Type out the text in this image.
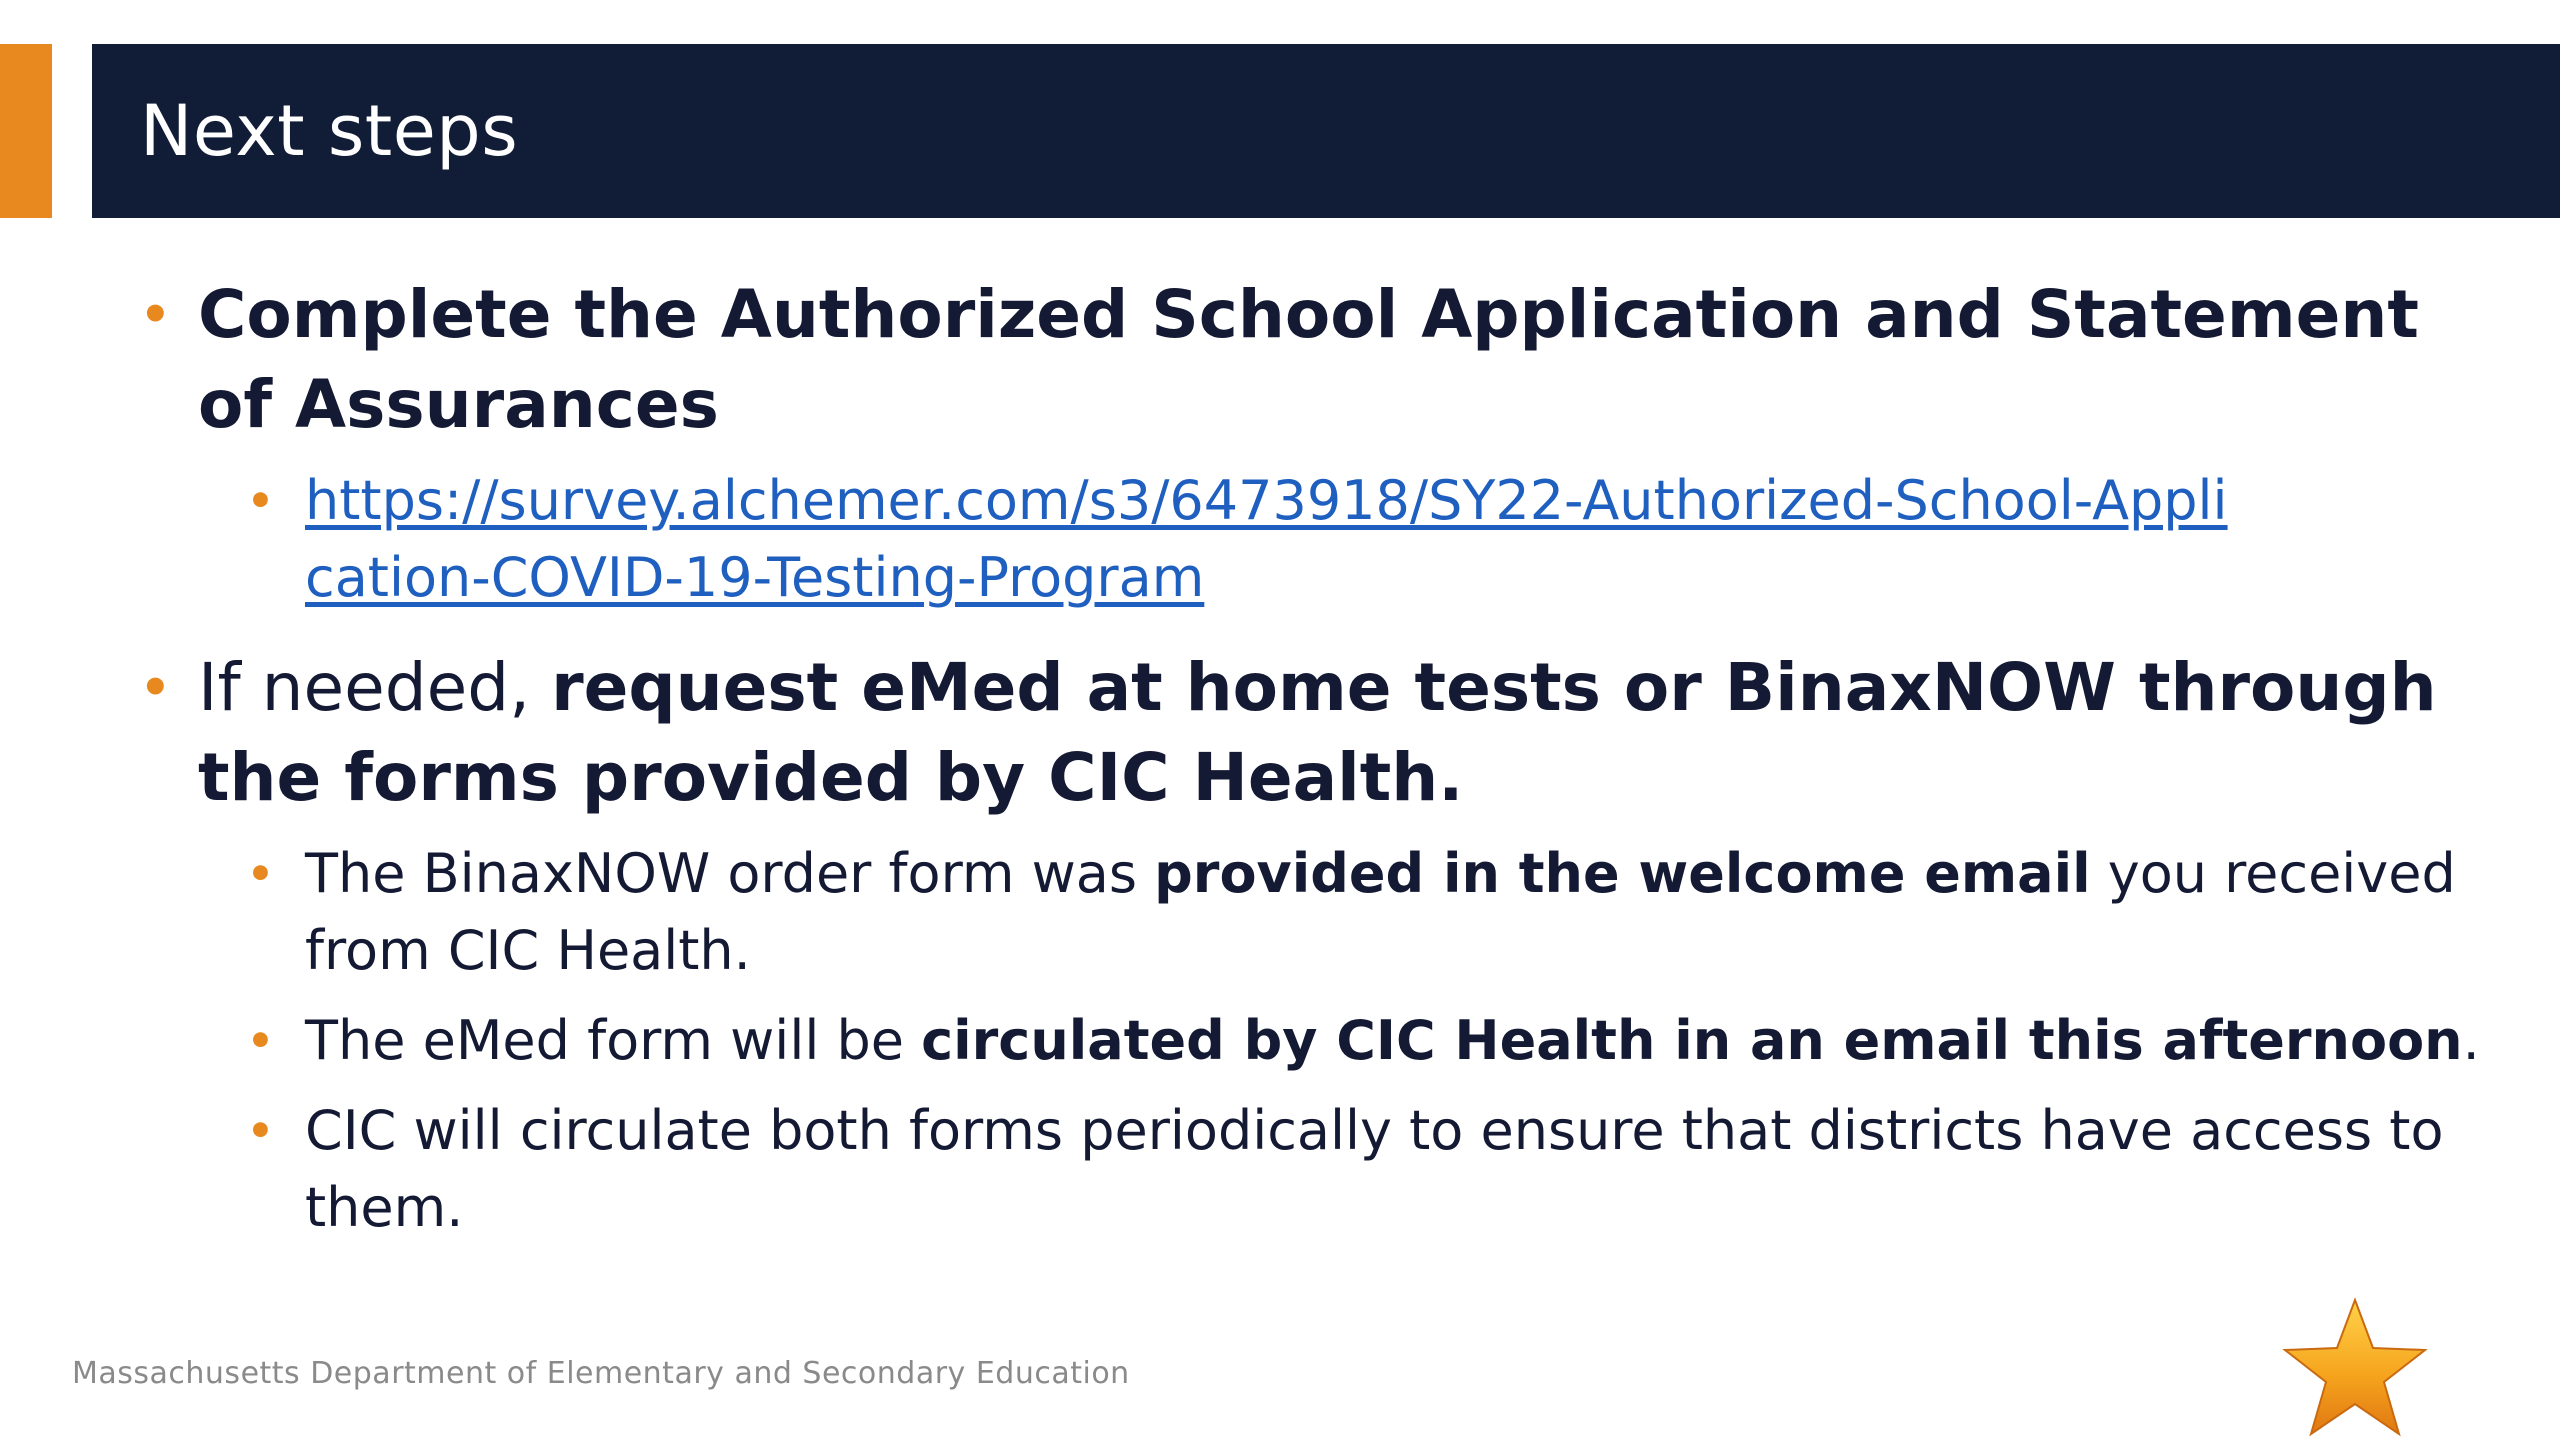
Next steps
• Complete the Authorized School Application and Statement of Assurances
• https://survey.alchemer.com/s3/6473918/SY22-Authorized-School-Application-COVID-19-Testing-Program
• If needed, request eMed at home tests or BinaxNOW through the forms provided by CIC Health.
• The BinaxNOW order form was provided in the welcome email you received from CIC Health.
• The eMed form will be circulated by CIC Health in an email this afternoon.
• CIC will circulate both forms periodically to ensure that districts have access to them.
Massachusetts Department of Elementary and Secondary Education
